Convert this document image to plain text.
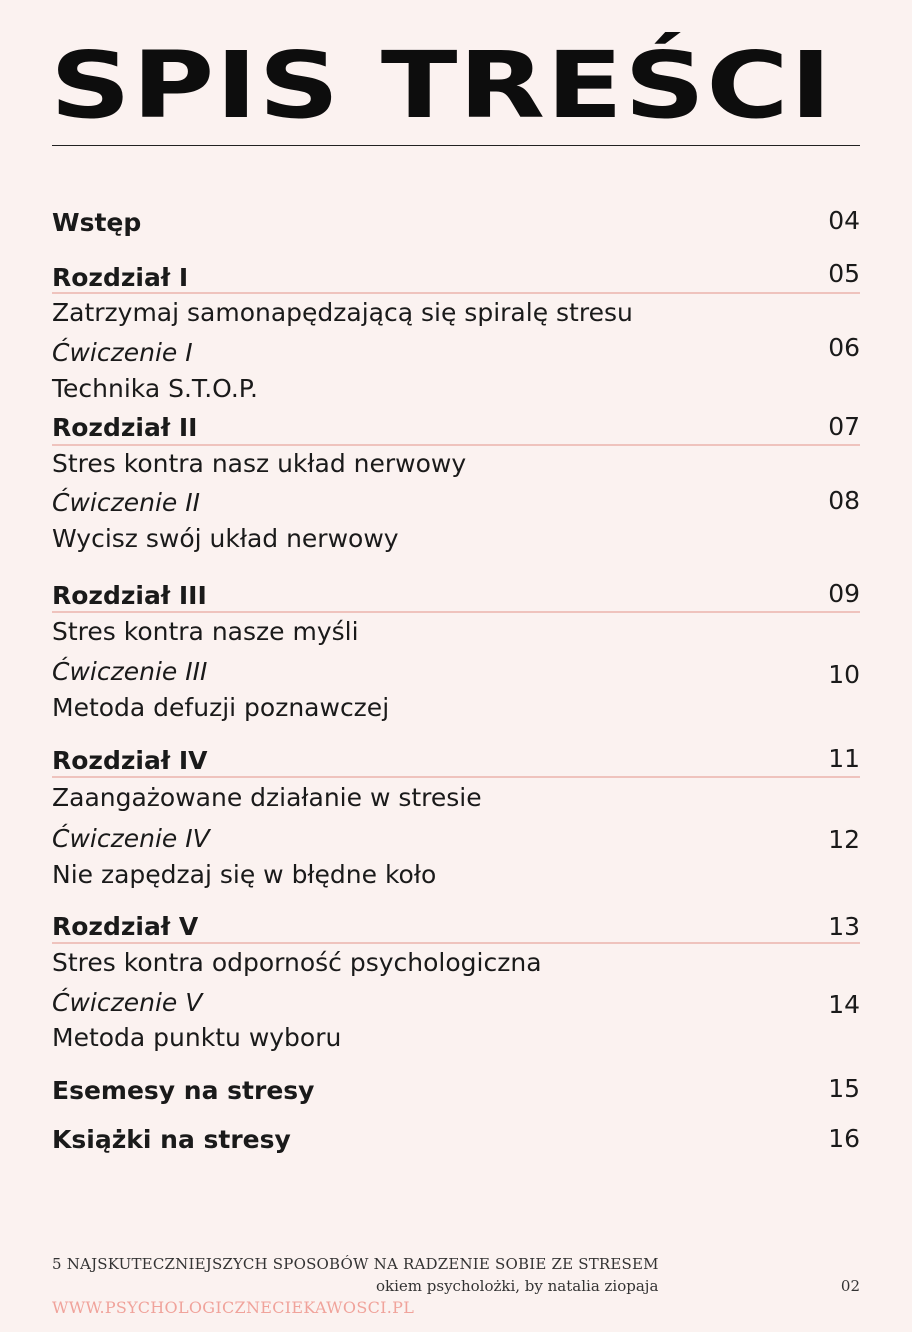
SPIS TREŚCI
Wstęp	04
Rozdział I	05
Zatrzymaj samonapędzającą się spiralę stresu
Ćwiczenie I	06
Technika S.T.O.P.
Rozdział II	07
Stres kontra nasz układ nerwowy
Ćwiczenie II	08
Wycisz swój układ nerwowy
Rozdział III	09
Stres kontra nasze myśli
Ćwiczenie III	10
Metoda defuzji poznawczej
Rozdział IV	11
Zaangażowane działanie w stresie
Ćwiczenie IV	12
Nie zapędzaj się w błędne koło
Rozdział V	13
Stres kontra odporność psychologiczna
Ćwiczenie V	14
Metoda punktu wyboru
Esemesy na stresy	15
Książki na stresy	16
5 NAJSKUTECZNIEJSZYCH SPOSOBÓW NA RADZENIE SOBIE ZE STRESEM
okiem psycholożki, by natalia ziopaja	02
WWW.PSYCHOLOGICZNECIEKAWOSCI.PL
